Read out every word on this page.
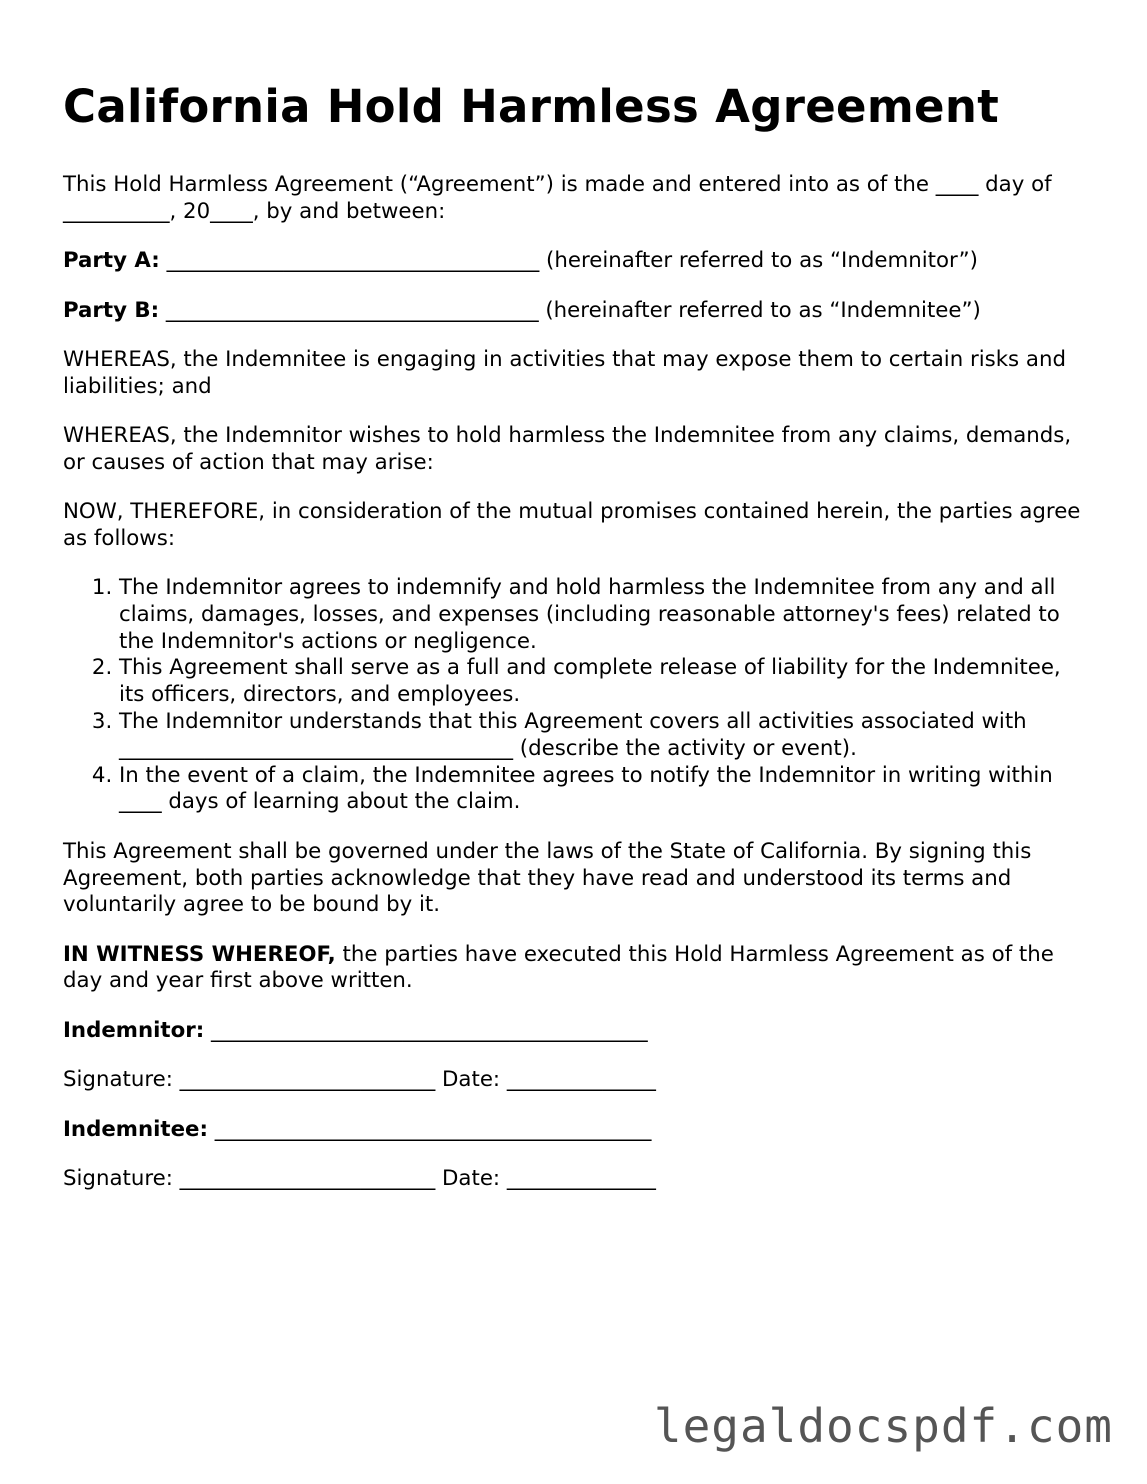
California Hold Harmless Agreement

This Hold Harmless Agreement (“Agreement”) is made and entered into as of the ____ day of __________, 20____, by and between:

Party A: ___________________________________ (hereinafter referred to as “Indemnitor”)

Party B: ___________________________________ (hereinafter referred to as “Indemnitee”)

WHEREAS, the Indemnitee is engaging in activities that may expose them to certain risks and liabilities; and

WHEREAS, the Indemnitor wishes to hold harmless the Indemnitee from any claims, demands, or causes of action that may arise:

NOW, THEREFORE, in consideration of the mutual promises contained herein, the parties agree as follows:

1. The Indemnitor agrees to indemnify and hold harmless the Indemnitee from any and all claims, damages, losses, and expenses (including reasonable attorney's fees) related to the Indemnitor's actions or negligence.
2. This Agreement shall serve as a full and complete release of liability for the Indemnitee, its officers, directors, and employees.
3. The Indemnitor understands that this Agreement covers all activities associated with _____________________________________ (describe the activity or event).
4. In the event of a claim, the Indemnitee agrees to notify the Indemnitor in writing within ____ days of learning about the claim.

This Agreement shall be governed under the laws of the State of California. By signing this Agreement, both parties acknowledge that they have read and understood its terms and voluntarily agree to be bound by it.

IN WITNESS WHEREOF, the parties have executed this Hold Harmless Agreement as of the day and year first above written.

Indemnitor: _________________________________________

Signature: ________________________ Date: ______________

Indemnitee: _________________________________________

Signature: ________________________ Date: ______________

legaldocspdf.com
